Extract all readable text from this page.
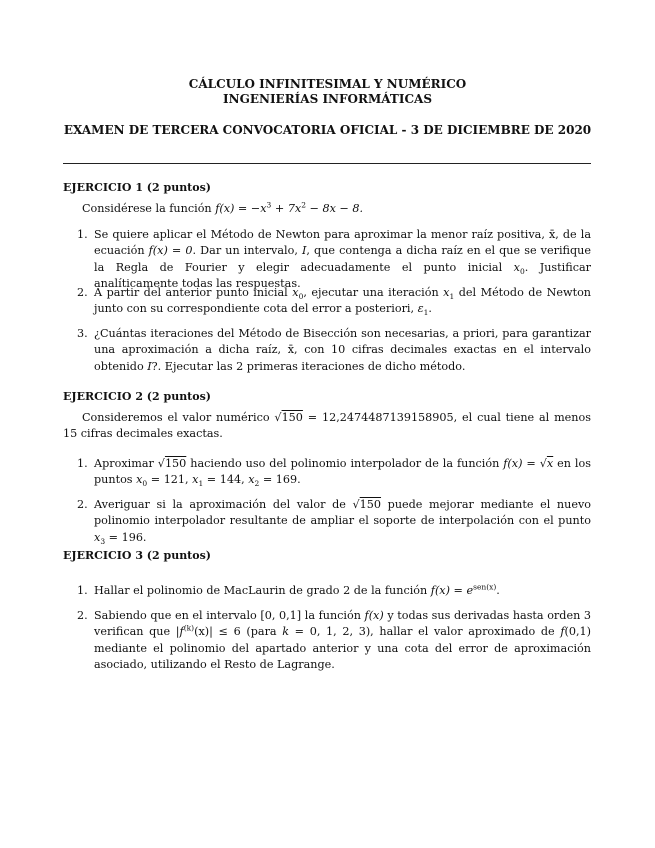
CÁLCULO INFINITESIMAL Y NUMÉRICO
INGENIERÍAS INFORMÁTICAS
EXAMEN DE TERCERA CONVOCATORIA OFICIAL - 3 DE DICIEMBRE DE 2020
EJERCICIO 1 (2 puntos)
Considérese la función $f(x) = -x^3 + 7x^2 - 8x - 8$.
1. Se quiere aplicar el Método de Newton para aproximar la menor raíz positiva, x̄, de la ecuación f(x) = 0. Dar un intervalo, I, que contenga a dicha raíz en el que se verifique la Regla de Fourier y elegir adecuadamente el punto inicial $x_0$. Justificar analíticamente todas las respuestas.
2. A partir del anterior punto inicial $x_0$, ejecutar una iteración $x_1$ del Método de Newton junto con su correspondiente cota del error a posteriori, $\varepsilon_1$.
3. ¿Cuántas iteraciones del Método de Bisección son necesarias, a priori, para garantizar una aproximación a dicha raíz, x̄, con 10 cifras decimales exactas en el intervalo obtenido I?. Ejecutar las 2 primeras iteraciones de dicho método.
EJERCICIO 2 (2 puntos)
Consideremos el valor numérico √150 = 12,2474487139158905, el cual tiene al menos 15 cifras decimales exactas.
1. Aproximar √150 haciendo uso del polinomio interpolador de la función f(x) = √x en los puntos $x_0 = 121$, $x_1 = 144$, $x_2 = 169$.
2. Averiguar si la aproximación del valor de √150 puede mejorar mediante el nuevo polinomio interpolador resultante de ampliar el soporte de interpolación con el punto $x_3 = 196$.
EJERCICIO 3 (2 puntos)
1. Hallar el polinomio de MacLaurin de grado 2 de la función $f(x) = e^{sen(x)}$.
2. Sabiendo que en el intervalo [0, 0,1] la función f(x) y todas sus derivadas hasta orden 3 verifican que $|f^{(k)}(x)| \le 6$ (para k = 0, 1, 2, 3), hallar el valor aproximado de f(0,1) mediante el polinomio del apartado anterior y una cota del error de aproximación asociado, utilizando el Resto de Lagrange.
